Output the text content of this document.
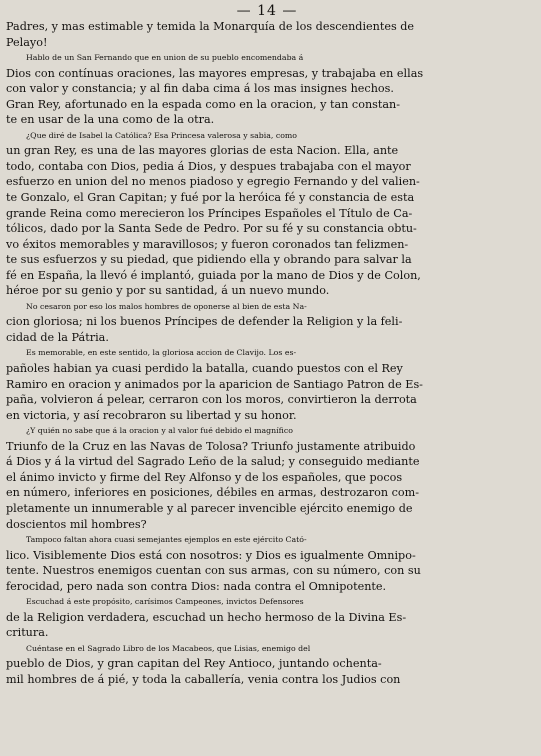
— 14 —
Padres, y mas estimable y temida la Monarquía de los descendientes de
Pelayo!
Hablo de un San Fernando que en union de su pueblo encomendaba á
Dios con contínuas oraciones, las mayores empresas, y trabajaba en ellas
con valor y constancia; y al fin daba cima á los mas insignes hechos.
Gran Rey, afortunado en la espada como en la oracion, y tan constan-
te en usar de la una como de la otra.
¿Que diré de Isabel la Católica? Esa Princesa valerosa y sabia, como
un gran Rey, es una de las mayores glorias de esta Nacion. Ella, ante
todo, contaba con Dios, pedia á Dios, y despues trabajaba con el mayor
esfuerzo en union del no menos piadoso y egregio Fernando y del valien-
te Gonzalo, el Gran Capitan; y fué por la heróica fé y constancia de esta
grande Reina como merecieron los Príncipes Españoles el Título de Ca-
tólicos, dado por la Santa Sede de Pedro. Por su fé y su constancia obtu-
vo éxitos memorables y maravillosos; y fueron coronados tan felizmen-
te sus esfuerzos y su piedad, que pidiendo ella y obrando para salvar la
fé en España, la llevó é implantó, guiada por la mano de Dios y de Colon,
héroe por su genio y por su santidad, á un nuevo mundo.
No cesaron por eso los malos hombres de oponerse al bien de esta Na-
cion gloriosa; ni los buenos Príncipes de defender la Religion y la feli-
cidad de la Pátria.
Es memorable, en este sentido, la gloriosa accion de Clavijo. Los es-
pañoles habian ya cuasi perdido la batalla, cuando puestos con el Rey
Ramiro en oracion y animados por la aparicion de Santiago Patron de Es-
paña, volvieron á pelear, cerraron con los moros, convirtieron la derrota
en victoria, y así recobraron su libertad y su honor.
¿Y quién no sabe que á la oracion y al valor fué debido el magnífico
Triunfo de la Cruz en las Navas de Tolosa? Triunfo justamente atribuido
á Dios y á la virtud del Sagrado Leño de la salud; y conseguido mediante
el ánimo invicto y firme del Rey Alfonso y de los españoles, que pocos
en número, inferiores en posiciones, débiles en armas, destrozaron com-
pletamente un innumerable y al parecer invencible ejército enemigo de
doscientos mil hombres?
Tampoco faltan ahora cuasi semejantes ejemplos en este ejército Cató-
lico. Visiblemente Dios está con nosotros: y Dios es igualmente Omnipo-
tente. Nuestros enemigos cuentan con sus armas, con su número, con su
ferocidad, pero nada son contra Dios: nada contra el Omnipotente.
Escuchad á este propósito, carísimos Campeones, invictos Defensores
de la Religion verdadera, escuchad un hecho hermoso de la Divina Es-
critura.
Cuéntase en el Sagrado Libro de los Macabeos, que Lisias, enemigo del
pueblo de Dios, y gran capitan del Rey Antioco, juntando ochenta-
mil hombres de á pié, y toda la caballería, venia contra los Judios con
